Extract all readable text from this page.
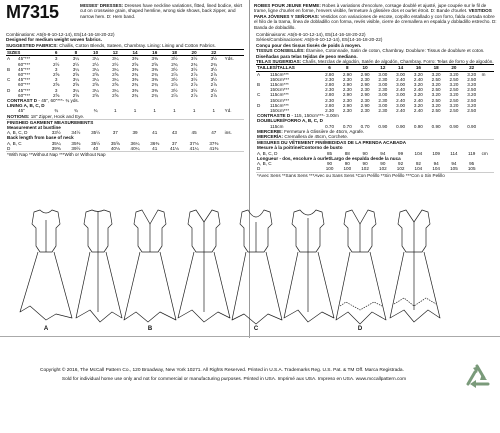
M7315	MISSES' DRESSES: Dresses have neckline variations, fitted, lined bodice, skirt cut on crosswise grain, shaped hemline, wrong side shows, back zipper, and narrow hem. D: Hem band.
Combinations: A5(6-8-10-12-14), E5(14-16-18-20-22)
Designed for medium weight woven fabrics.
SUGGESTED FABRICS: Challis, Cotton Blends, Sateen, Chambray. Lining: Lining and Cotton Fabrics.
SIZES		6	8	10	12	14	16	18	20	22	
A	45"***	3	3¼	3¼	3¼	3⅜	3⅜	3½	3½	3½	Yds.
	60"***	2½	2½	2½	2½	2⅝	2⅝	2¾	2¾	2¾	
B	45"***	3	3¼	3¼	3¼	3⅜	3⅜	3½	3½	3½	
	60"***	2⅝	2⅝	2⅝	2⅝	2¾	2¾	2⅞	2⅞	2⅞	
C	45"***	3	3¼	3¼	3¼	3⅜	3⅜	3½	3½	3½	
	60"***	2⅝	2⅝	2⅝	2⅝	2¾	2¾	2⅞	2⅞	2⅞	
D	45"***	3	3¼	3¼	3¼	3⅜	3⅜	3½	3½	3½	
	60"***	2⅝	2⅝	2⅝	2⅝	2¾	2¾	2⅞	2⅞	2⅞	
CONTRAST D - 45", 60"***- ¾ yds.											
LINING A, B, C, D											
	45"	¾	¾	¾	1	1	1	1	1	1	Yd.
NOTIONS: 18" Zipper, Hook and Eye.											
FINISHED GARMENT MEASUREMENTS											
Measurement at bustline											
A, B, C, D		33½	34½	35½	37	39	41	43	45	47	ins.
Back length from base of neck											
A, B, C		35¼	35⅜	35½	35⅝	36¼	36⅜	37	37⅛	37⅜	
D		39⅜	39½	40	40⅛	40¼	41	41⅛	41¼	41⅜	
*With Nap **Without Nap ***With or Without Nap											
ROBES POUR JEUNE FEMME: Robes à variations d'encolure, corsage doublé et ajusté, jupe coupée sur le fil de trame, ligne d'ourlet en forme, l'envers visible, fermeture à glissière dos et ourlet étroit. D: Bande d'ourlet. VESTIDOS PARA JÓVENES Y SEÑORAS: Vestidos con variaciones de escote, corpiño entallado y con forro, falda cortada sobre el hilo de la trama, línea de dobladillo con forma, revés visible, cierre de cremallera en espalda y dobladillo estrecho. D: Banda de dobladillo.
Combinaisons: A5(6-8-10-12-14), E5(14-16-18-20-22)
Séries/Combinaciones: A5(6-8-10-12-14), E5(14-16-18-20-22)
Conçu pour des tissus tissés de poids à moyen.
TISSUS CONSEILLÉS: Étamine, Cotonnade, Satin de coton, Chambray. Doublure: Tissus de doublure et coton.
Diseñadas para telas tejidas de peso mediano.
TELAS SUGERIDAS: Chalís, Mezclas de algodón, Satén de algodón, Chambray. Forro: Telas de forro y de algodón.
TAILLES/TALLAS		6	8	10	12	14	16	18	20	22	
A	115cm***	2.80	2.90	2.90	3.00	3.00	3.20	3.20	3.20	3.20	m
	150cm***	2.30	2.30	2.30	2.30	2.40	2.40	2.50	2.50	2.50	
B	115cm***	2.80	2.90	2.90	3.00	3.00	3.20	3.20	3.20	3.20	
	150cm***	2.30	2.30	2.30	2.30	2.40	2.40	2.50	2.50	2.50	
C	115cm***	2.80	2.90	2.90	3.00	3.00	3.20	3.20	3.20	3.20	
	150cm***	2.30	2.30	2.30	2.30	2.40	2.40	2.50	2.50	2.50	
D	115cm***	2.80	2.90	2.90	3.00	3.00	3.20	3.20	3.20	3.20	
	150cm***	2.30	2.30	2.30	2.30	2.40	2.40	2.50	2.50	2.50	
CONTRASTE D - 115, 150cm***- 3.00m											
DOUBLURE/FORRO A, B, C, D											
	115cm	0.70	0.70	0.70	0.90	0.90	0.90	0.90	0.90	0.90	
MERCERIE: Fermeture à Glissière de 45cm, Agrafe.											
MERCERÍA: Cremallera de 45cm, Corchete.											
MESURES DU VÊTEMENT FINI/MEDIDAS DE LA PRENDA ACABADA											
Mesure à la poitrine/Contorno de busto											
A, B, C, D		85	88	90	94	99	104	109	114	119	cm
Longueur - dos, encolure à ourlet/Largo de espalda desde la nuca											
A, B, C		90	90	90	90	92	92	94	94	95	
D		100	100	102	102	102	104	104	105	105	
*Avec Sens **Sans Sens ***Avec ou Sans Sens *Con Pelillo **Sin Pelillo ***Con o Sin Pelillo											
A	B	C	D
Copyright © 2016, The McCall Pattern Co., 120 Broadway, New York 10271. All Rights Reserved. Printed in U.S.A. Trademarks Reg. U.S. Pat. & TM Off. Marca Registrada.
Sold for individual home use only and not for commercial or manufacturing purposes. Printed in USA. Imprimé aux USA. Impreso en USA. www.mccallpattern.com
